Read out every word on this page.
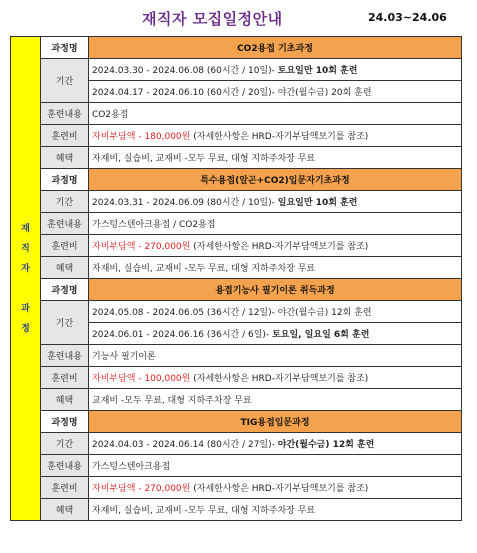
재직자 모집일정안내	24.03~24.06
재
직
자
과
정	과정명	CO2용접 기초과정
	기간	2024.03.30 - 2024.06.08 (60시간 / 10일)- 토요일만 10회 훈련
		2024.04.17 - 2024.06.10 (60시간 / 20일)- 야간(월수금) 20회 훈련
	훈련내용	CO2용접
	훈련비	자비부담액 - 180,000원 (자세한사항은 HRD-자기부담액보기를 참조)
	혜택	자재비, 실습비, 교재비 -모두 무료, 대형 지하주차장 무료
	과정명	특수용접(알곤+CO2)입문자기초과정
	기간	2024.03.31 - 2024.06.09 (80시간 / 10일)- 일요일만 10회 훈련
	훈련내용	가스텅스텐아크용접 / CO2용접
	훈련비	자비부담액 - 270,000원 (자세한사항은 HRD-자기부담액보기를 참조)
	혜택	자재비, 실습비, 교재비 -모두 무료, 대형 지하주차장 무료
	과정명	용접기능사 필기이론 취득과정
	기간	2024.05.08 - 2024.06.05 (36시간 / 12일)- 야간(월수금) 12회 훈련
		2024.06.01 - 2024.06.16 (36시간 / 6일)- 토요일, 일요일 6회 훈련
	훈련내용	기능사 필기이론
	훈련비	자비부담액 - 100,000원 (자세한사항은 HRD-자기부담액보기를 참조)
	혜택	교재비 -모두 무료, 대형 지하주차장 무료
	과정명	TIG용접입문과정
	기간	2024.04.03 - 2024.06.14 (80시간 / 27일)- 야간(월수금) 12회 훈련
	훈련내용	가스텅스텐아크용접
	훈련비	자비부담액 - 270,000원 (자세한사항은 HRD-자기부담액보기를 참조)
	혜택	자재비, 실습비, 교재비 -모두 무료, 대형 지하주차장 무료
